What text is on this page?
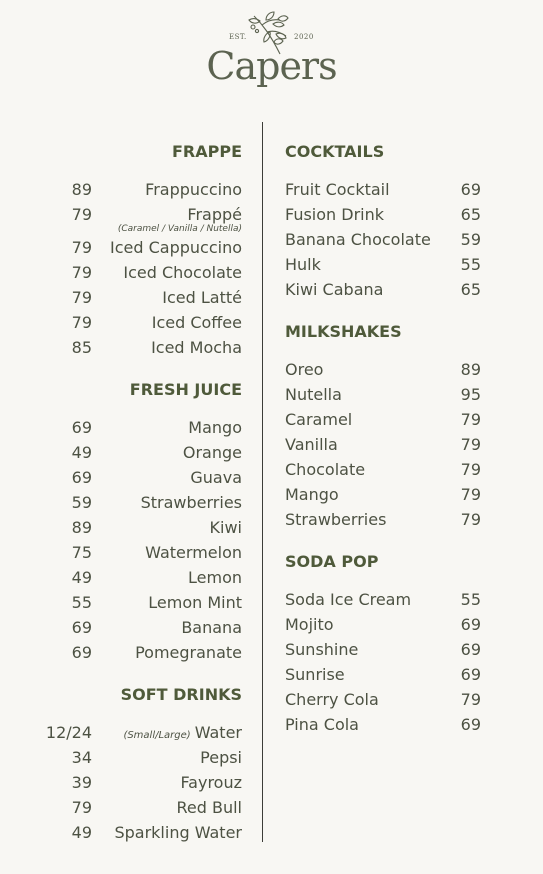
EST.	2020
Capers
FRAPPE
89	Frappuccino
79	Frappé
(Caramel / Vanilla / Nutella)
79 Iced Cappuccino
79 Iced Chocolate
79	Iced Latté
79	Iced Coffee
85	Iced Mocha
FRESH JUICE
69	Mango
49	Orange
69	Guava
59	Strawberries
89	Kiwi
75	Watermelon
49	Lemon
55	Lemon Mint
69	Banana
69	Pomegranate
SOFT DRINKS
12/24	(Small/Large) Water
34	Pepsi
39	Fayrouz
79	Red Bull
49 Sparkling Water
COCKTAILS
Fruit Cocktail	69
Fusion Drink	65
Banana Chocolate 59
Hulk	55
Kiwi Cabana	65
MILKSHAKES
Oreo	89
Nutella	95
Caramel	79
Vanilla	79
Chocolate	79
Mango	79
Strawberries	79
SODA POP
Soda Ice Cream	55
Mojito	69
Sunshine	69
Sunrise	69
Cherry Cola	79
Pina Cola	69
